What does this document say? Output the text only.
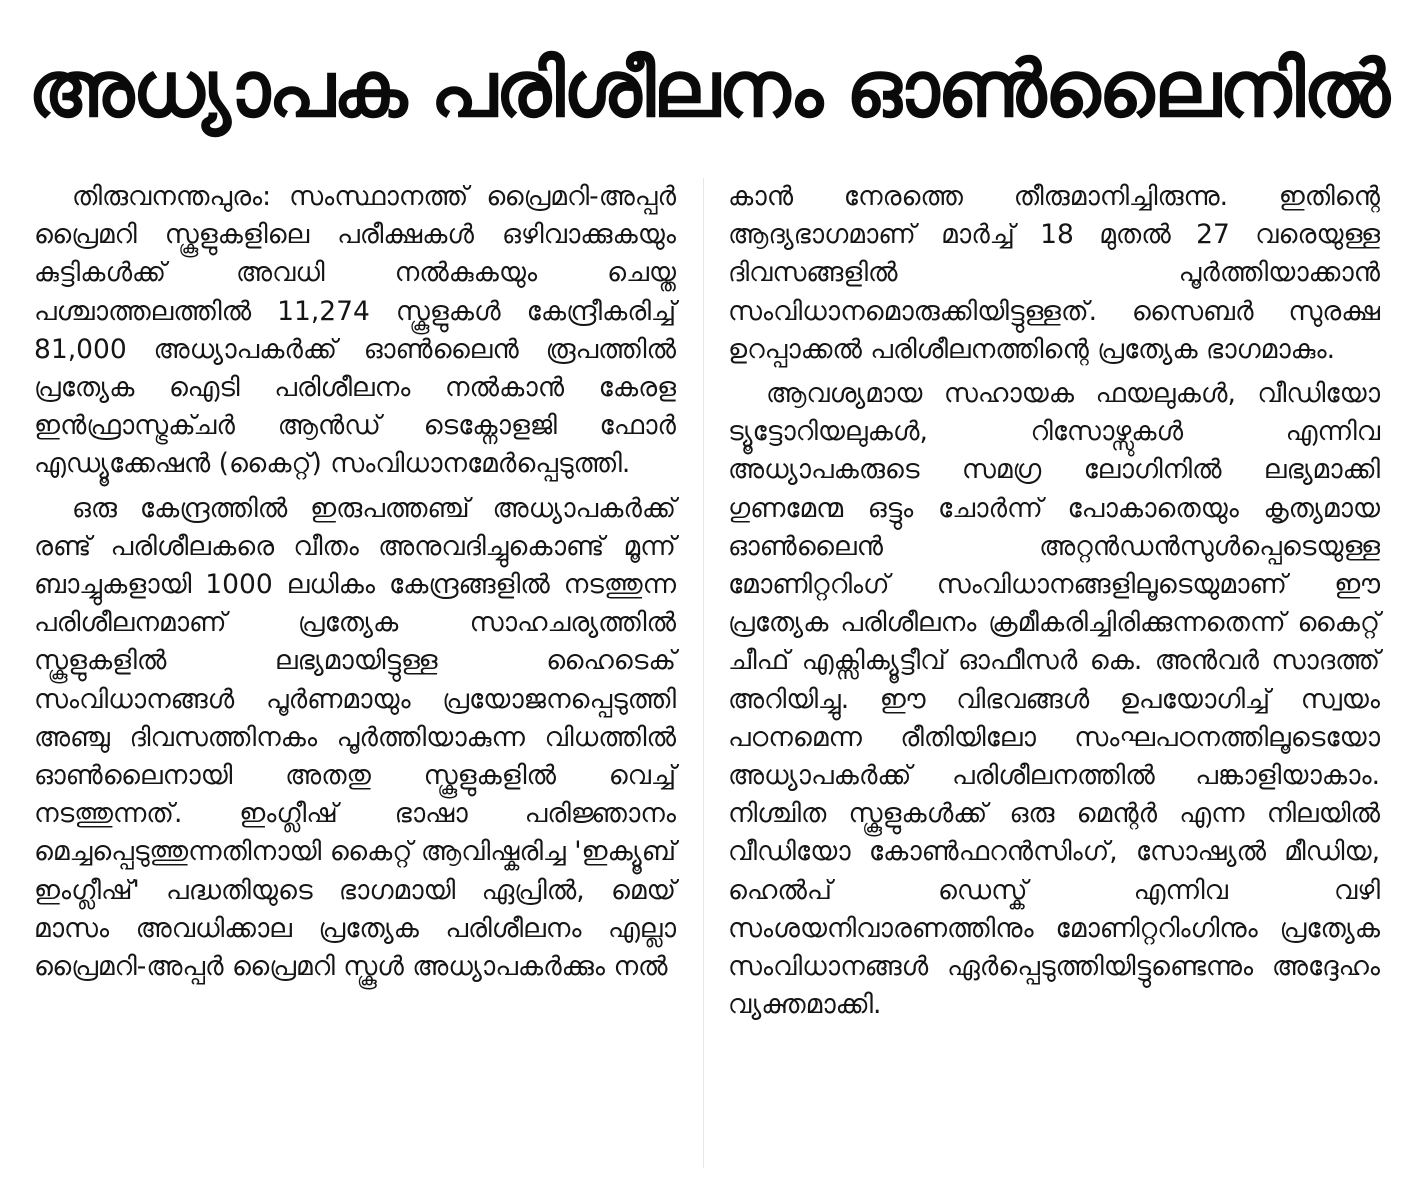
അധ്യാപക പരിശീലനം ഓൺലൈനിൽ

തിരുവനന്തപുരം: സംസ്ഥാനത്ത് പ്രൈമറി-അപ്പർ പ്രൈമറി സ്കൂളുകളിലെ പരീക്ഷകൾ ഒഴിവാക്കുകയും കുട്ടികൾക്ക് അവധി നൽകുകയും ചെയ്ത പശ്ചാത്തലത്തിൽ 11,274 സ്കൂളുകൾ കേന്ദ്രീകരിച്ച് 81,000 അധ്യാപകർക്ക് ഓൺലൈൻ രൂപത്തിൽ പ്രത്യേക ഐടി പരിശീലനം നൽകാൻ കേരള ഇൻഫ്രാസ്ട്രക്ചർ ആൻഡ് ടെക്നോളജി ഫോർ എഡ്യൂക്കേഷൻ (കൈറ്റ്) സംവിധാനമേർപ്പെടുത്തി.

ഒരു കേന്ദ്രത്തിൽ ഇരുപത്തഞ്ച് അധ്യാപകർക്ക് രണ്ട് പരിശീലകരെ വീതം അനുവദിച്ചുകൊണ്ട് മൂന്ന് ബാച്ചുകളായി 1000 ലധികം കേന്ദ്രങ്ങളിൽ നടത്തുന്ന പരിശീലനമാണ് പ്രത്യേക സാഹചര്യത്തിൽ സ്കൂളുകളിൽ ലഭ്യമായിട്ടുള്ള ഹൈടെക് സംവിധാനങ്ങൾ പൂർണമായും പ്രയോജനപ്പെടുത്തി അഞ്ചു ദിവസത്തിനകം പൂർത്തിയാകുന്ന വിധത്തിൽ ഓൺലൈനായി അതതു സ്കൂളുകളിൽ വെച്ച് നടത്തുന്നത്. ഇംഗ്ലീഷ് ഭാഷാ പരിജ്ഞാനം മെച്ചപ്പെടുത്തുന്നതിനായി കൈറ്റ് ആവിഷ്കരിച്ച 'ഇക്യൂബ് ഇംഗ്ലീഷ്' പദ്ധതിയുടെ ഭാഗമായി ഏപ്രിൽ, മെയ് മാസം അവധിക്കാല പ്രത്യേക പരിശീലനം എല്ലാ പ്രൈമറി-അപ്പർ പ്രൈമറി സ്കൂൾ അധ്യാപകർക്കും നൽ

കാൻ നേരത്തെ തീരുമാനിച്ചിരുന്നു. ഇതിന്റെ ആദ്യഭാഗമാണ് മാർച്ച് 18 മുതൽ 27 വരെയുള്ള ദിവസങ്ങളിൽ പൂർത്തിയാക്കാൻ സംവിധാനമൊരുക്കിയിട്ടുള്ളത്. സൈബർ സുരക്ഷ ഉറപ്പാക്കൽ പരിശീലനത്തിന്റെ പ്രത്യേക ഭാഗമാകും.

ആവശ്യമായ സഹായക ഫയലുകൾ, വീഡിയോ ട്യൂട്ടോറിയലുകൾ, റിസോഴ്സുകൾ എന്നിവ അധ്യാപകരുടെ സമഗ്ര ലോഗിനിൽ ലഭ്യമാക്കി ഗുണമേന്മ ഒട്ടും ചോർന്ന് പോകാതെയും കൃത്യമായ ഓൺലൈൻ അറ്റൻഡൻസുൾപ്പെടെയുള്ള മോണിറ്ററിംഗ് സംവിധാനങ്ങളിലൂടെയുമാണ് ഈ പ്രത്യേക പരിശീലനം ക്രമീകരിച്ചിരിക്കുന്നതെന്ന് കൈറ്റ് ചീഫ് എക്സിക്യൂട്ടീവ് ഓഫീസർ കെ. അൻവർ സാദത്ത് അറിയിച്ചു. ഈ വിഭവങ്ങൾ ഉപയോഗിച്ച് സ്വയം പഠനമെന്ന രീതിയിലോ സംഘപഠനത്തിലൂടെയോ അധ്യാപകർക്ക് പരിശീലനത്തിൽ പങ്കാളിയാകാം. നിശ്ചിത സ്കൂളുകൾക്ക് ഒരു മെന്റർ എന്ന നിലയിൽ വീഡിയോ കോൺഫറൻസിംഗ്, സോഷ്യൽ മീഡിയ, ഹെൽപ് ഡെസ്ക് എന്നിവ വഴി സംശയനിവാരണത്തിനും മോണിറ്ററിംഗിനും പ്രത്യേക സംവിധാനങ്ങൾ ഏർപ്പെടുത്തിയിട്ടുണ്ടെന്നും അദ്ദേഹം വ്യക്തമാക്കി.
